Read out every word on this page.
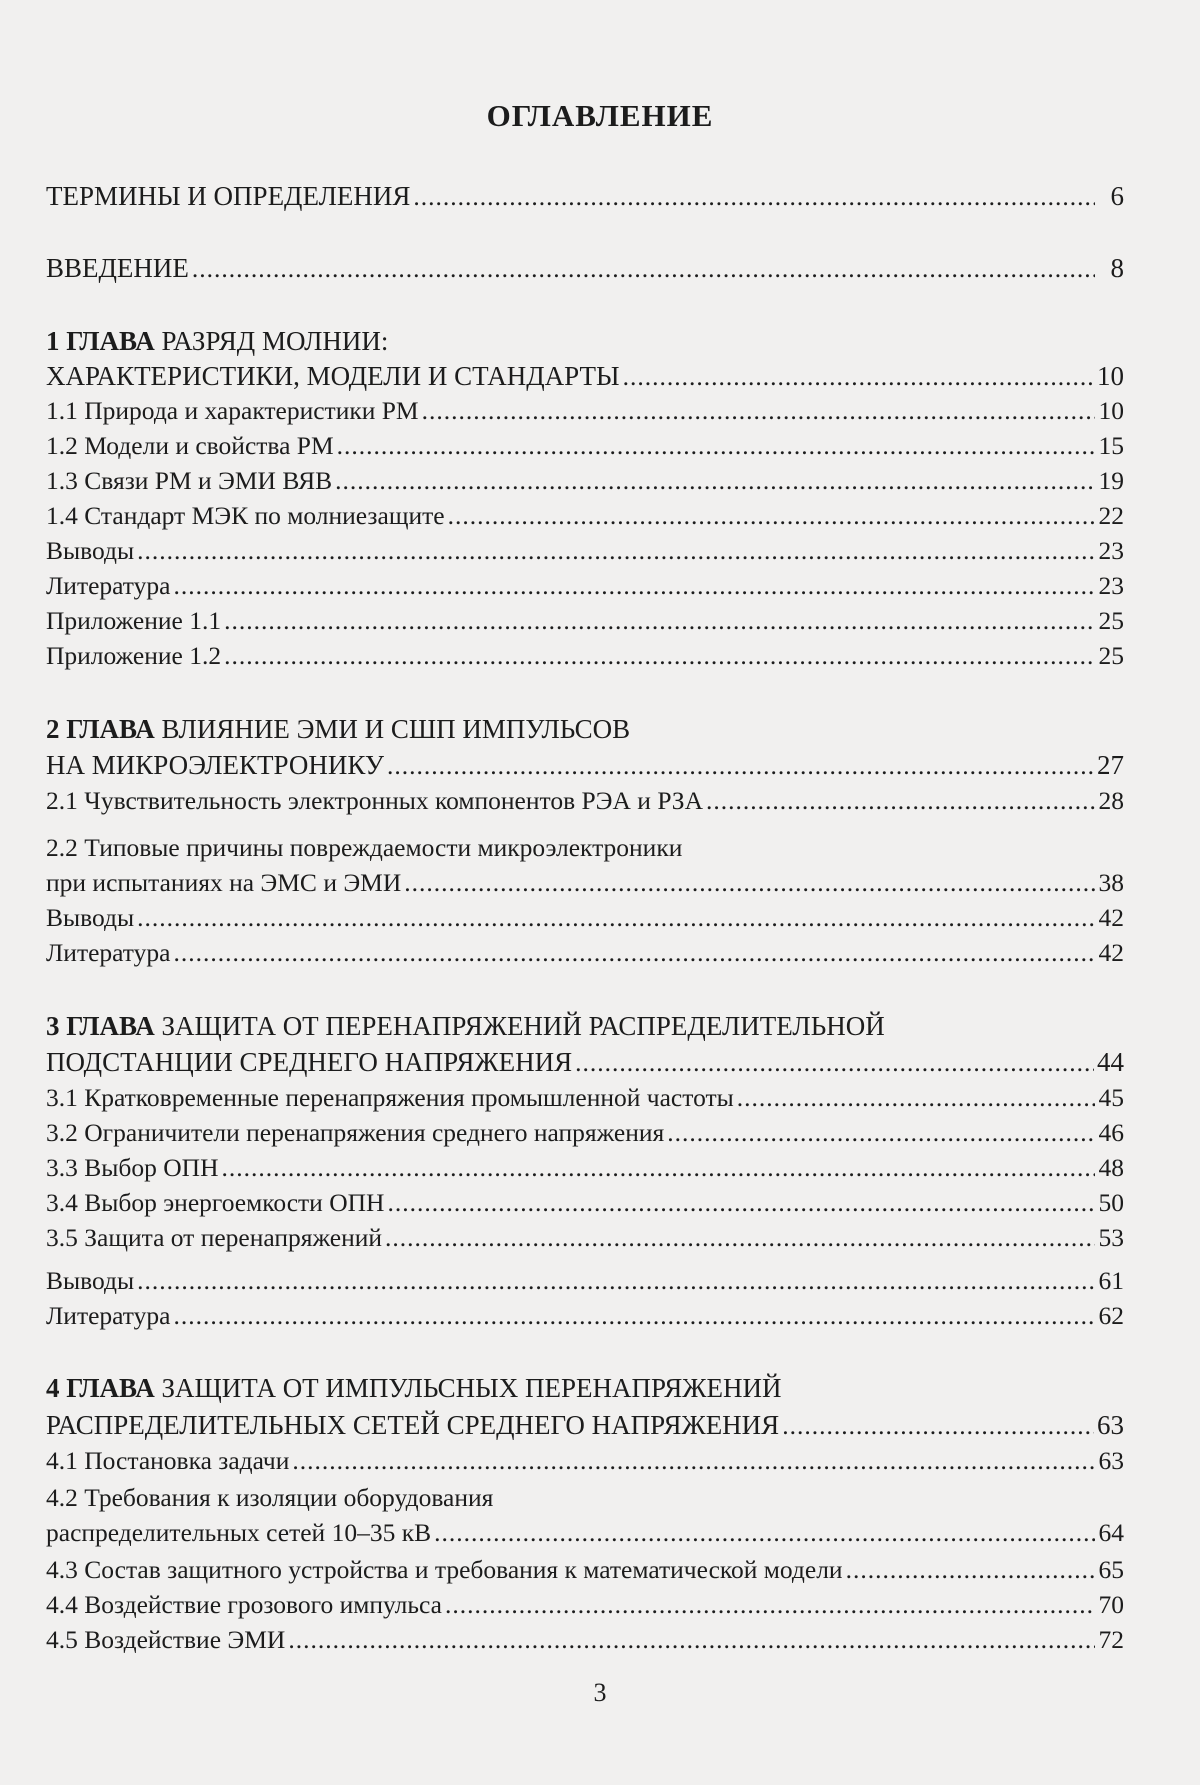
ОГЛАВЛЕНИЕ
ТЕРМИНЫ И ОПРЕДЕЛЕНИЯ .....	6
ВВЕДЕНИЕ .....	8
1 ГЛАВА РАЗРЯД МОЛНИИ:
ХАРАКТЕРИСТИКИ, МОДЕЛИ И СТАНДАРТЫ .....	10
1.1 Природа и характеристики РМ .....	10
1.2 Модели и свойства РМ .....	15
1.3 Связи РМ и ЭМИ ВЯВ .....	19
1.4 Стандарт МЭК по молниезащите .....	22
Выводы .....	23
Литература .....	23
Приложение 1.1 .....	25
Приложение 1.2 .....	25
2 ГЛАВА ВЛИЯНИЕ ЭМИ И СШП ИМПУЛЬСОВ
НА МИКРОЭЛЕКТРОНИКУ .....	27
2.1 Чувствительность электронных компонентов РЭА и РЗА .....	28
2.2 Типовые причины повреждаемости микроэлектроники
при испытаниях на ЭМС и ЭМИ .....	38
Выводы .....	42
Литература .....	42
3 ГЛАВА ЗАЩИТА ОТ ПЕРЕНАПРЯЖЕНИЙ РАСПРЕДЕЛИТЕЛЬНОЙ
ПОДСТАНЦИИ СРЕДНЕГО НАПРЯЖЕНИЯ .....	44
3.1 Кратковременные перенапряжения промышленной частоты .....	45
3.2 Ограничители перенапряжения среднего напряжения .....	46
3.3 Выбор ОПН .....	48
3.4 Выбор энергоемкости ОПН .....	50
3.5 Защита от перенапряжений .....	53
Выводы .....	61
Литература .....	62
4 ГЛАВА ЗАЩИТА ОТ ИМПУЛЬСНЫХ ПЕРЕНАПРЯЖЕНИЙ
РАСПРЕДЕЛИТЕЛЬНЫХ СЕТЕЙ СРЕДНЕГО НАПРЯЖЕНИЯ .....	63
4.1 Постановка задачи .....	63
4.2 Требования к изоляции оборудования
распределительных сетей 10–35 кВ .....	64
4.3 Состав защитного устройства и требования к математической модели .....	65
4.4 Воздействие грозового импульса .....	70
4.5 Воздействие ЭМИ .....	72
3
